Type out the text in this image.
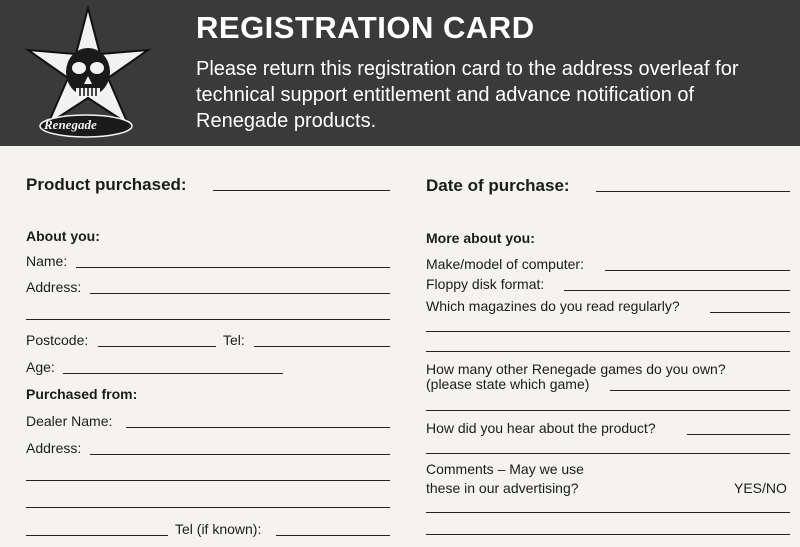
Renegade
REGISTRATION CARD
Please return this registration card to the address overleaf for technical support entitlement and advance notification of Renegade products.
Product purchased:
About you:
Name:
Address:
Postcode:	Tel:
Age:
Purchased from:
Dealer Name:
Address:
Tel (if known):
Date of purchase:
More about you:
Make/model of computer:
Floppy disk format:
Which magazines do you read regularly?
How many other Renegade games do you own?
(please state which game)
How did you hear about the product?
Comments – May we use
these in our advertising?	YES/NO
